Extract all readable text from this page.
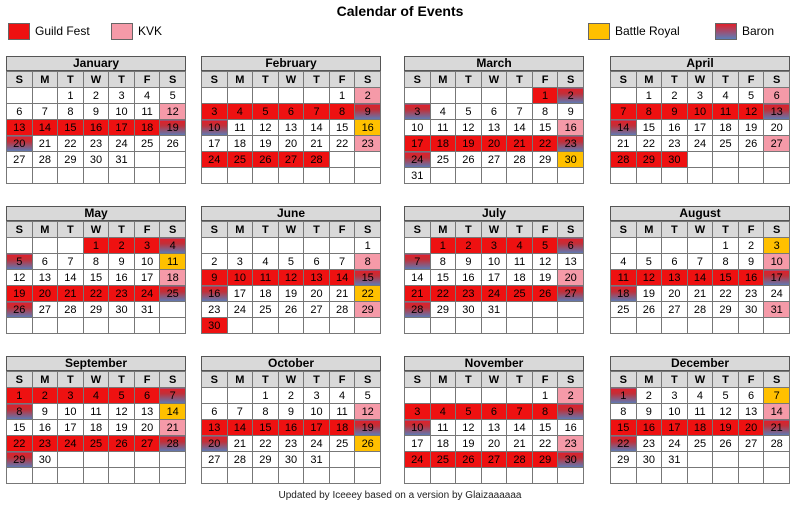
Calendar of Events
Guild Fest	KVK	Battle Royal	Baron
January
S	M	T	W	T	F	S
		1	2	3	4	5
6	7	8	9	10	11	12
13	14	15	16	17	18	19
20	21	22	23	24	25	26
27	28	29	30	31		

February
S	M	T	W	T	F	S
					1	2
3	4	5	6	7	8	9
10	11	12	13	14	15	16
17	18	19	20	21	22	23
24	25	26	27	28		

March
S	M	T	W	T	F	S
					1	2
3	4	5	6	7	8	9
10	11	12	13	14	15	16
17	18	19	20	21	22	23
24	25	26	27	28	29	30
31						
April
S	M	T	W	T	F	S
	1	2	3	4	5	6
7	8	9	10	11	12	13
14	15	16	17	18	19	20
21	22	23	24	25	26	27
28	29	30				

May
S	M	T	W	T	F	S
			1	2	3	4
5	6	7	8	9	10	11
12	13	14	15	16	17	18
19	20	21	22	23	24	25
26	27	28	29	30	31	

June
S	M	T	W	T	F	S
						1
2	3	4	5	6	7	8
9	10	11	12	13	14	15
16	17	18	19	20	21	22
23	24	25	26	27	28	29
30						
July
S	M	T	W	T	F	S
	1	2	3	4	5	6
7	8	9	10	11	12	13
14	15	16	17	18	19	20
21	22	23	24	25	26	27
28	29	30	31			

August
S	M	T	W	T	F	S
				1	2	3
4	5	6	7	8	9	10
11	12	13	14	15	16	17
18	19	20	21	22	23	24
25	26	27	28	29	30	31

September
S	M	T	W	T	F	S
1	2	3	4	5	6	7
8	9	10	11	12	13	14
15	16	17	18	19	20	21
22	23	24	25	26	27	28
29	30					

October
S	M	T	W	T	F	S
		1	2	3	4	5
6	7	8	9	10	11	12
13	14	15	16	17	18	19
20	21	22	23	24	25	26
27	28	29	30	31		

November
S	M	T	W	T	F	S
					1	2
3	4	5	6	7	8	9
10	11	12	13	14	15	16
17	18	19	20	21	22	23
24	25	26	27	28	29	30

December
S	M	T	W	T	F	S
1	2	3	4	5	6	7
8	9	10	11	12	13	14
15	16	17	18	19	20	21
22	23	24	25	26	27	28
29	30	31				

Updated by Iceeey based on a version by Glaizaaaaaa
